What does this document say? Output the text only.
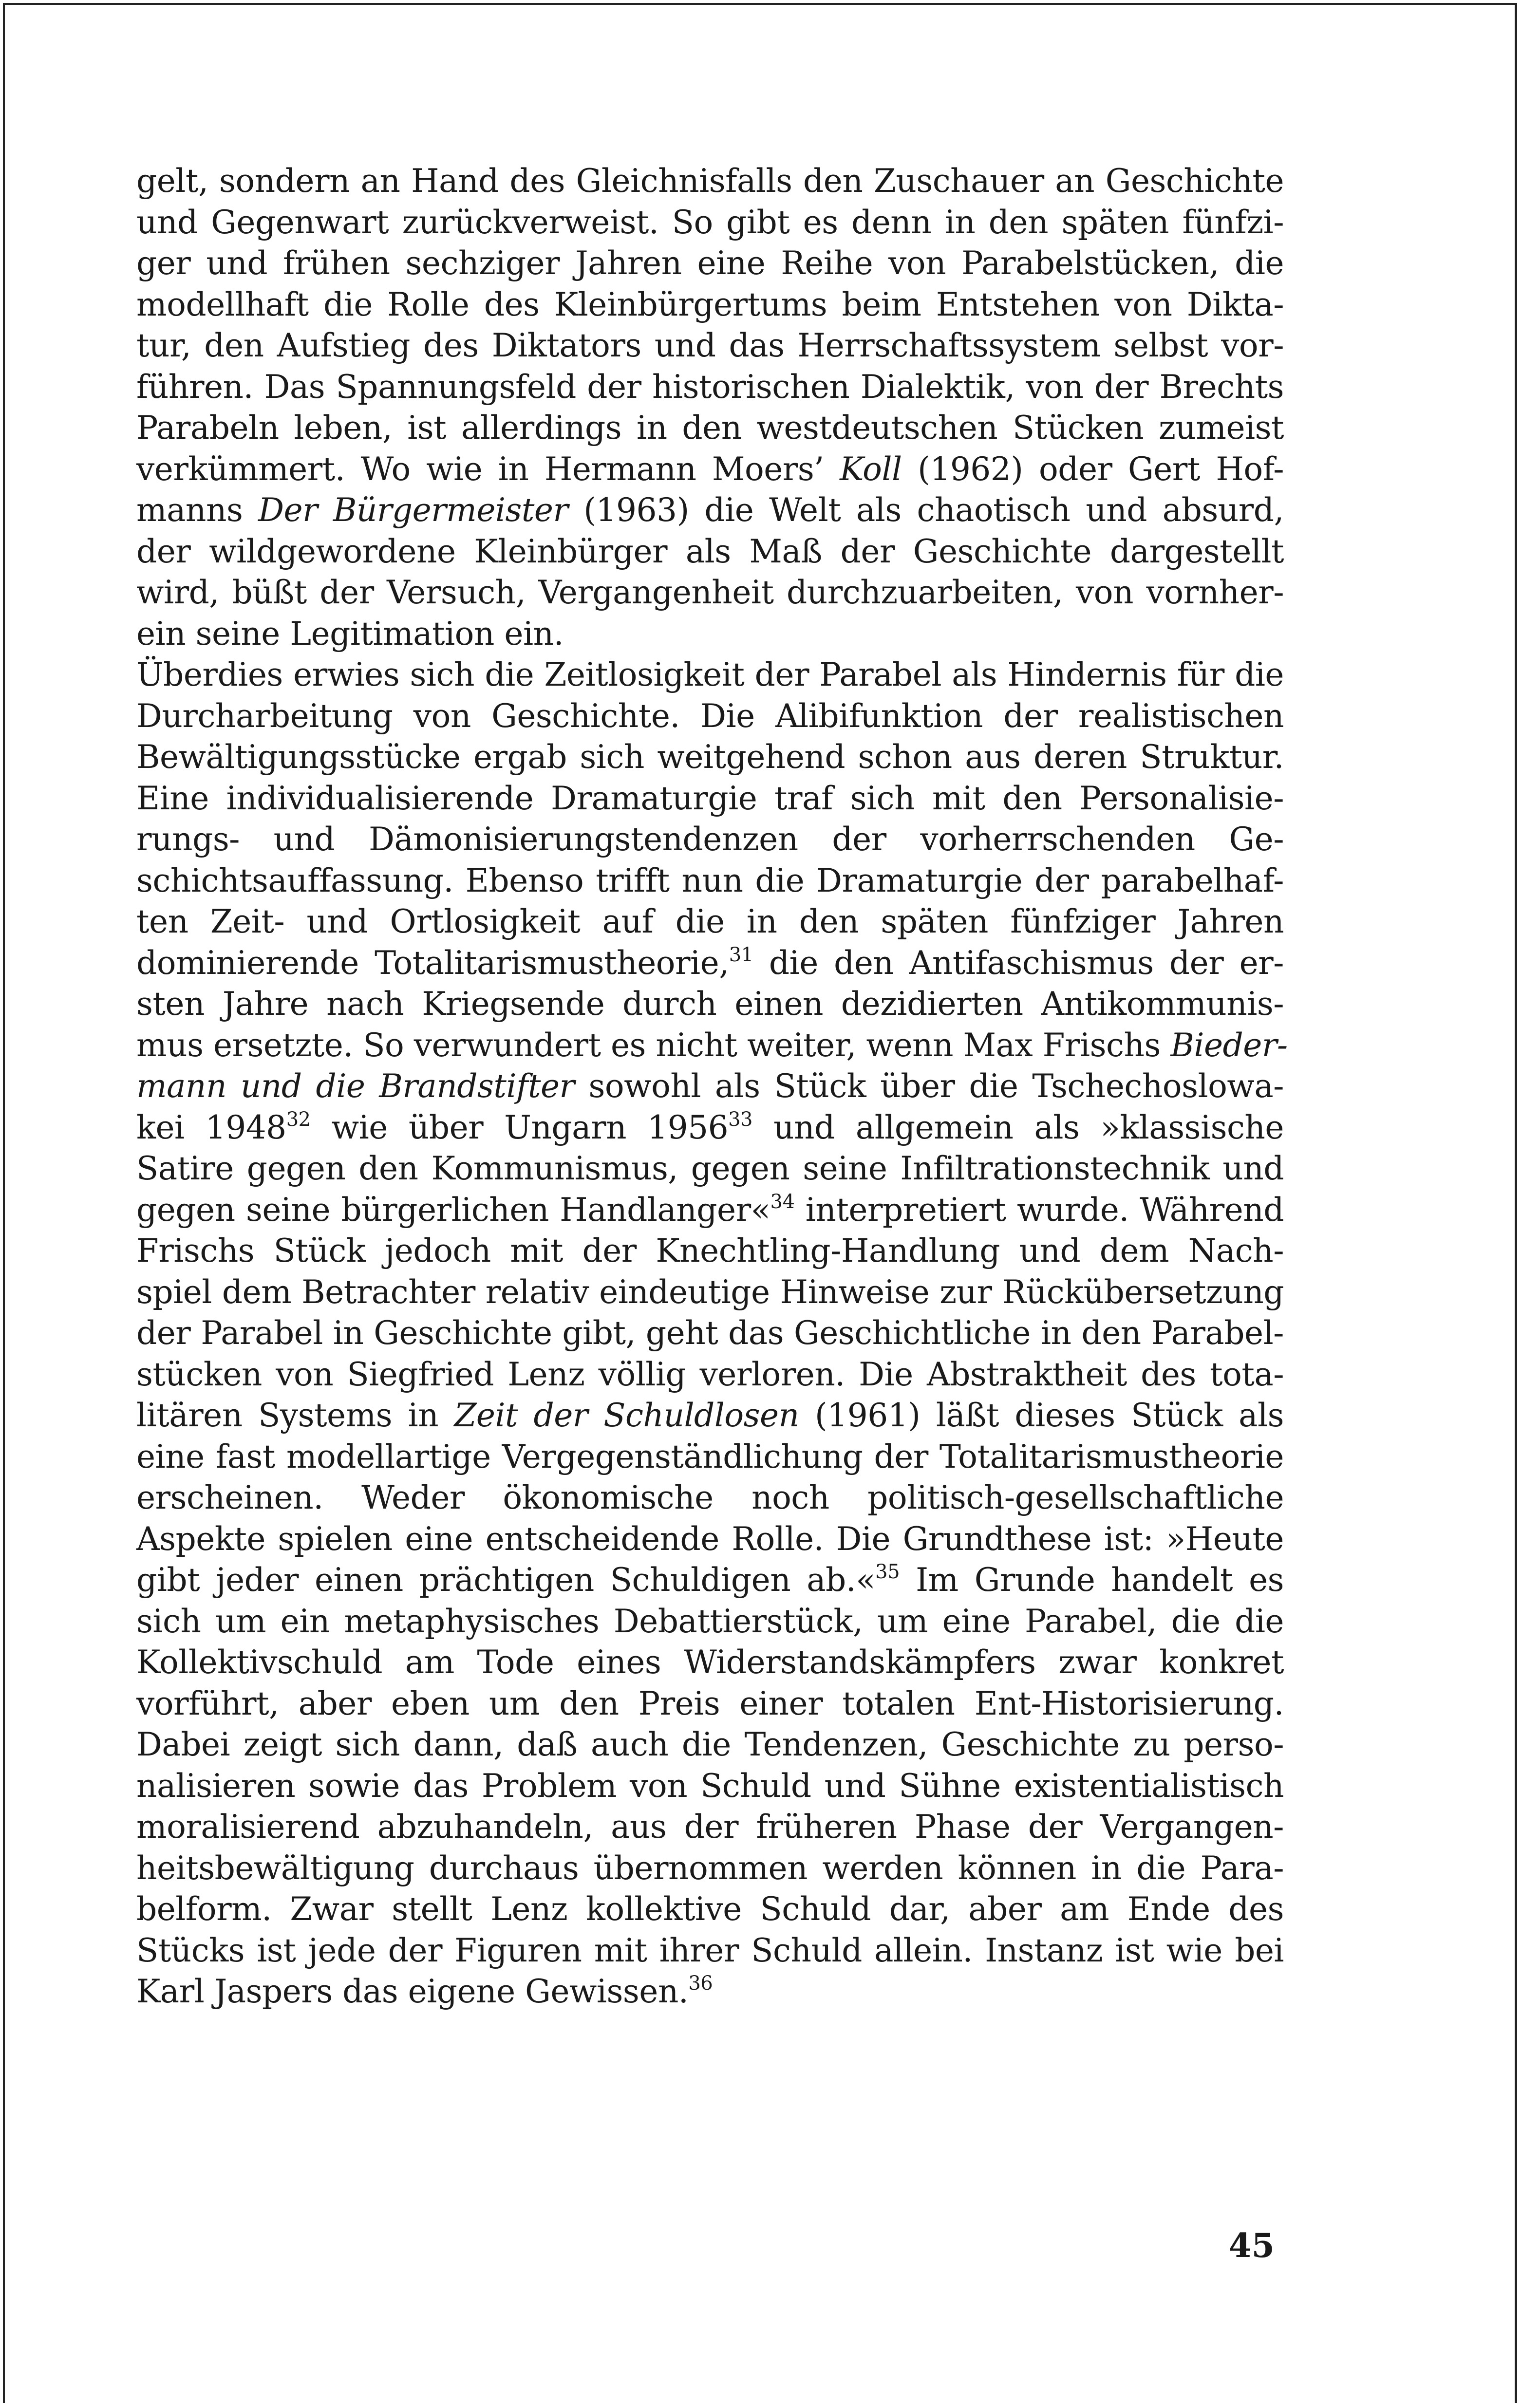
gelt, sondern an Hand des Gleichnisfalls den Zuschauer an Geschichte
und Gegenwart zurückverweist. So gibt es denn in den späten fünfzi-
ger und frühen sechziger Jahren eine Reihe von Parabelstücken, die
modellhaft die Rolle des Kleinbürgertums beim Entstehen von Dikta-
tur, den Aufstieg des Diktators und das Herrschaftssystem selbst vor-
führen. Das Spannungsfeld der historischen Dialektik, von der Brechts
Parabeln leben, ist allerdings in den westdeutschen Stücken zumeist
verkümmert. Wo wie in Hermann Moers’ Koll (1962) oder Gert Hof-
manns Der Bürgermeister (1963) die Welt als chaotisch und absurd,
der wildgewordene Kleinbürger als Maß der Geschichte dargestellt
wird, büßt der Versuch, Vergangenheit durchzuarbeiten, von vornher-
ein seine Legitimation ein.
Überdies erwies sich die Zeitlosigkeit der Parabel als Hindernis für die
Durcharbeitung von Geschichte. Die Alibifunktion der realistischen
Bewältigungsstücke ergab sich weitgehend schon aus deren Struktur.
Eine individualisierende Dramaturgie traf sich mit den Personalisie-
rungs- und Dämonisierungstendenzen der vorherrschenden Ge-
schichtsauffassung. Ebenso trifft nun die Dramaturgie der parabelhaf-
ten Zeit- und Ortlosigkeit auf die in den späten fünfziger Jahren
dominierende Totalitarismustheorie,$^{31}$ die den Antifaschismus der er-
sten Jahre nach Kriegsende durch einen dezidierten Antikommunis-
mus ersetzte. So verwundert es nicht weiter, wenn Max Frischs Bieder-
mann und die Brandstifter sowohl als Stück über die Tschechoslowa-
kei 1948$^{32}$ wie über Ungarn 1956$^{33}$ und allgemein als »klassische
Satire gegen den Kommunismus, gegen seine Infiltrationstechnik und
gegen seine bürgerlichen Handlanger«$^{34}$ interpretiert wurde. Während
Frischs Stück jedoch mit der Knechtling-Handlung und dem Nach-
spiel dem Betrachter relativ eindeutige Hinweise zur Rückübersetzung
der Parabel in Geschichte gibt, geht das Geschichtliche in den Parabel-
stücken von Siegfried Lenz völlig verloren. Die Abstraktheit des tota-
litären Systems in Zeit der Schuldlosen (1961) läßt dieses Stück als
eine fast modellartige Vergegenständlichung der Totalitarismustheorie
erscheinen. Weder ökonomische noch politisch-gesellschaftliche
Aspekte spielen eine entscheidende Rolle. Die Grundthese ist: »Heute
gibt jeder einen prächtigen Schuldigen ab.«$^{35}$ Im Grunde handelt es
sich um ein metaphysisches Debattierstück, um eine Parabel, die die
Kollektivschuld am Tode eines Widerstandskämpfers zwar konkret
vorführt, aber eben um den Preis einer totalen Ent-Historisierung.
Dabei zeigt sich dann, daß auch die Tendenzen, Geschichte zu perso-
nalisieren sowie das Problem von Schuld und Sühne existentialistisch
moralisierend abzuhandeln, aus der früheren Phase der Vergangen-
heitsbewältigung durchaus übernommen werden können in die Para-
belform. Zwar stellt Lenz kollektive Schuld dar, aber am Ende des
Stücks ist jede der Figuren mit ihrer Schuld allein. Instanz ist wie bei
Karl Jaspers das eigene Gewissen.$^{36}$
45
